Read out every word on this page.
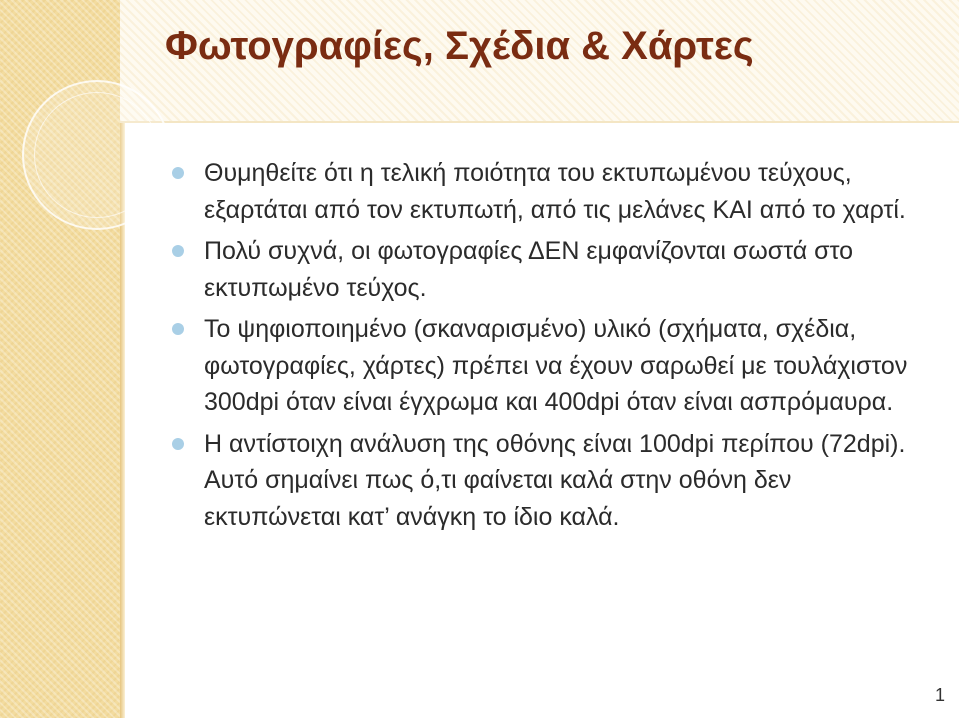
Φωτογραφίες, Σχέδια & Χάρτες
Θυμηθείτε ότι η τελική ποιότητα του εκτυπωμένου τεύχους, εξαρτάται από τον εκτυπωτή, από τις μελάνες ΚΑΙ από το χαρτί.
Πολύ συχνά, οι φωτογραφίες ΔΕΝ εμφανίζονται σωστά στο εκτυπωμένο τεύχος.
Το ψηφιοποιημένο (σκαναρισμένο) υλικό (σχήματα, σχέδια, φωτογραφίες, χάρτες) πρέπει να έχουν σαρωθεί με τουλάχιστον 300dpi όταν είναι έγχρωμα και 400dpi όταν είναι ασπρόμαυρα.
Η αντίστοιχη ανάλυση της οθόνης είναι 100dpi περίπου (72dpi). Αυτό σημαίνει πως ό,τι φαίνεται καλά στην οθόνη δεν εκτυπώνεται κατ’ ανάγκη το ίδιο καλά.
1
